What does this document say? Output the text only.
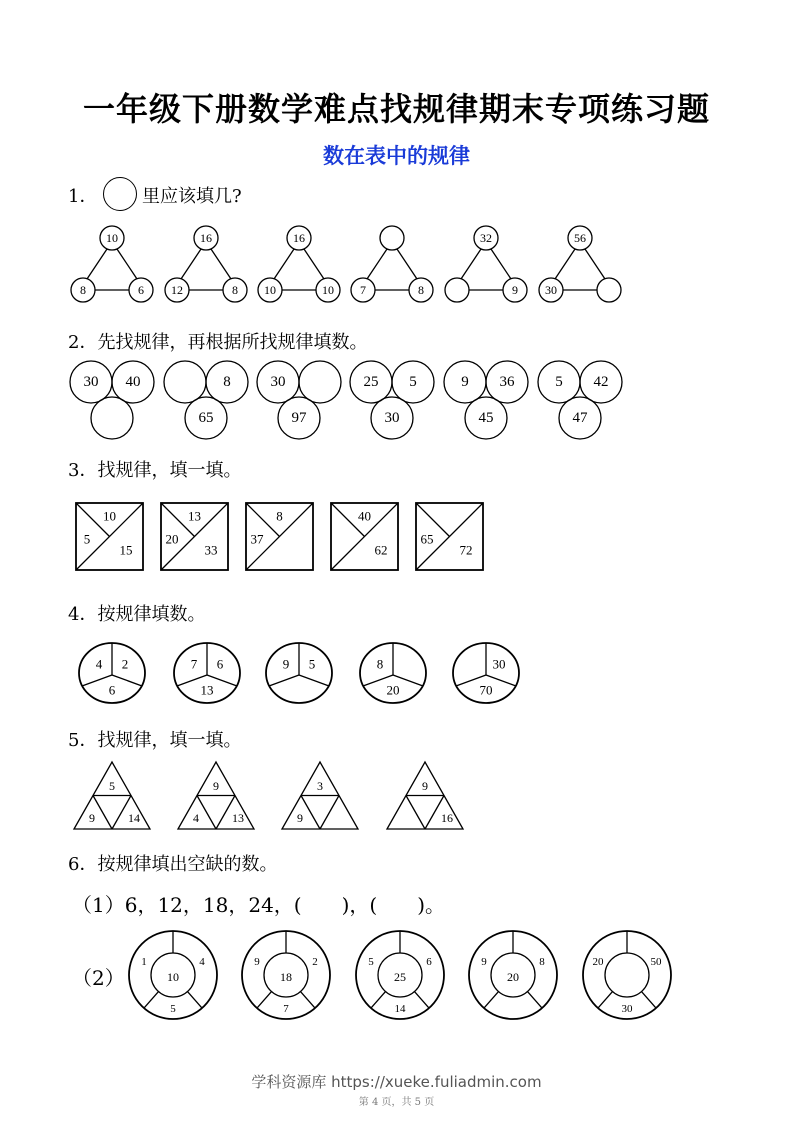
一年级下册数学难点找规律期末专项练习题
数在表中的规律
1． 里应该填几?
10
8	6
16
12	8
16
10	10 7	8
32
9
56
30
2．先找规律，再根据所找规律填数。
30 40	8
65
30
97
25 5
30
9 36
45
5 42
47
3．找规律，填一填。
10
5
15
13
20
33
8
37
40
62
65
72
4．按规律填数。
4 2
6
7 6
13
9 5	8
20
30
70
5．找规律，填一填。
5
9	14
9
4	13
3
9
9
16
6．按规律填出空缺的数。
（1）6，12，18，24，(　　)，(　　)。
（2）	10
1	4
5
18
9	2
7
25
5	6
14
20
9	8	20	50
30
学科资源库 https://xueke.fuliadmin.com
第 4 页，共 5 页
